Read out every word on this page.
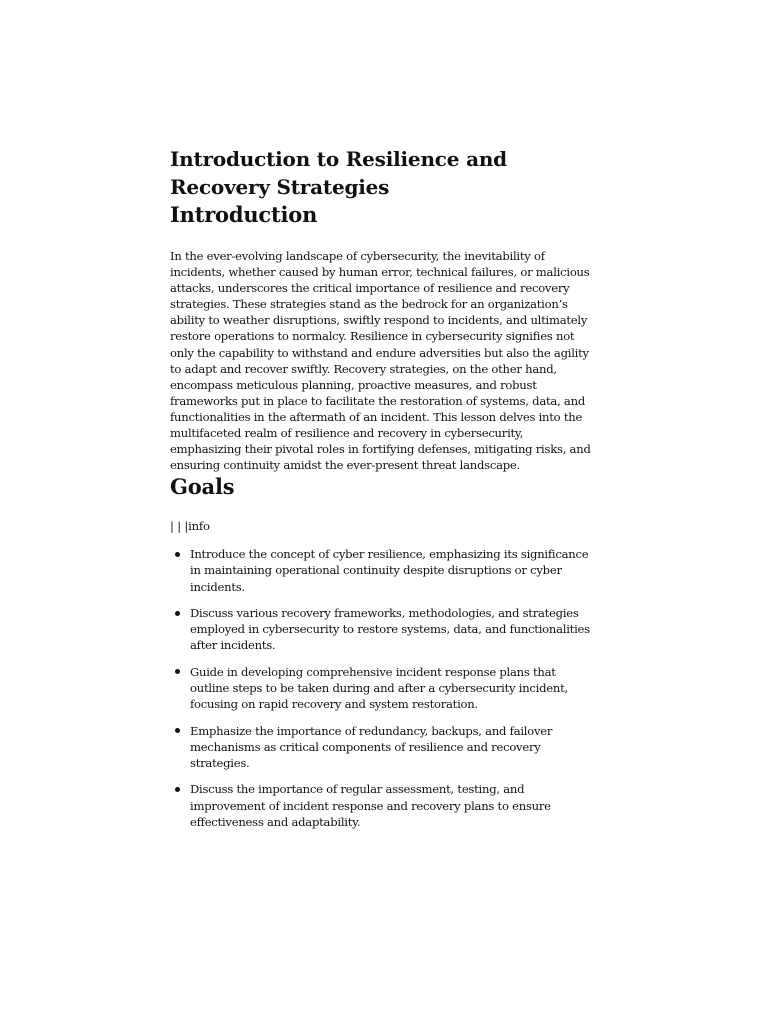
Introduction to Resilience and Recovery Strategies
Introduction

In the ever-evolving landscape of cybersecurity, the inevitability of incidents, whether caused by human error, technical failures, or malicious attacks, underscores the critical importance of resilience and recovery strategies. These strategies stand as the bedrock for an organization’s ability to weather disruptions, swiftly respond to incidents, and ultimately restore operations to normalcy. Resilience in cybersecurity signifies not only the capability to withstand and endure adversities but also the agility to adapt and recover swiftly. Recovery strategies, on the other hand, encompass meticulous planning, proactive measures, and robust frameworks put in place to facilitate the restoration of systems, data, and functionalities in the aftermath of an incident. This lesson delves into the multifaceted realm of resilience and recovery in cybersecurity, emphasizing their pivotal roles in fortifying defenses, mitigating risks, and ensuring continuity amidst the ever-present threat landscape.

Goals
| | |info
Introduce the concept of cyber resilience, emphasizing its significance in maintaining operational continuity despite disruptions or cyber incidents.
Discuss various recovery frameworks, methodologies, and strategies employed in cybersecurity to restore systems, data, and functionalities after incidents.
Guide in developing comprehensive incident response plans that outline steps to be taken during and after a cybersecurity incident, focusing on rapid recovery and system restoration.
Emphasize the importance of redundancy, backups, and failover mechanisms as critical components of resilience and recovery strategies.
Discuss the importance of regular assessment, testing, and improvement of incident response and recovery plans to ensure effectiveness and adaptability.
